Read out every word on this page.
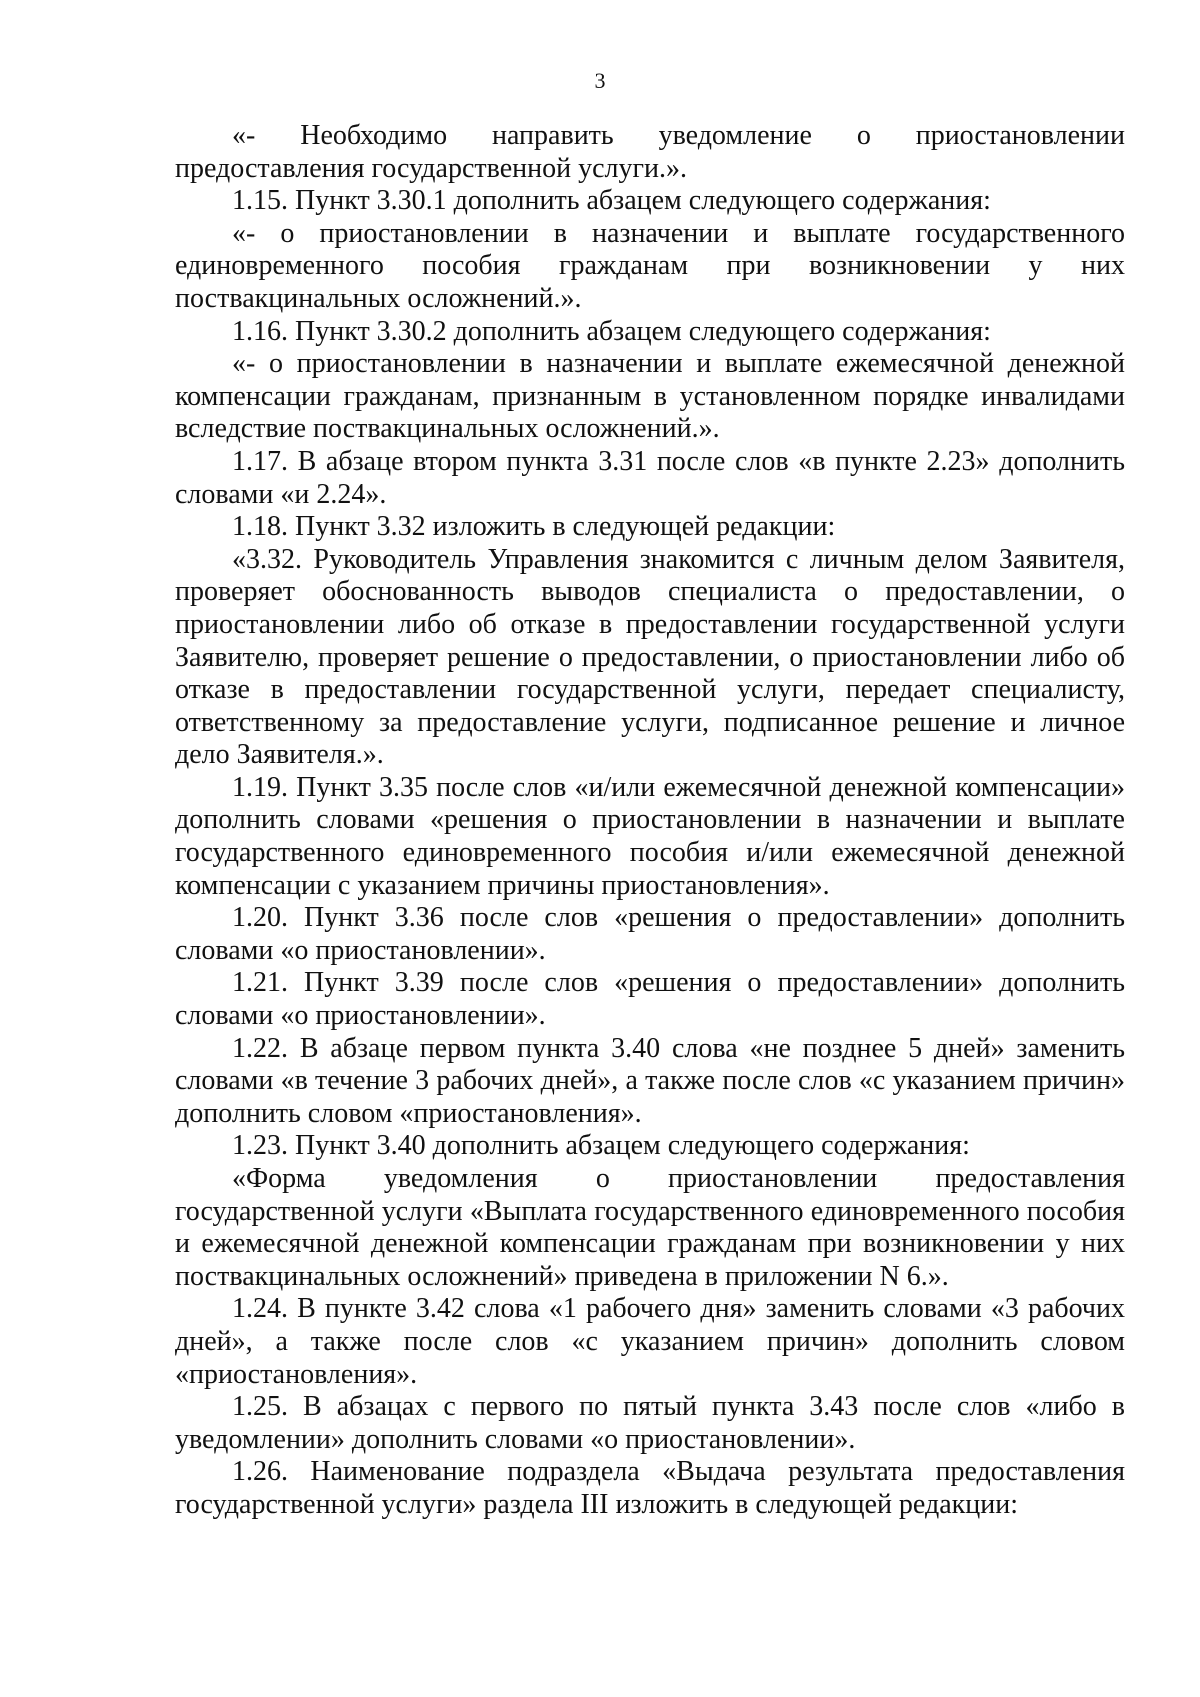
3

«- Необходимо направить уведомление о приостановлении предоставления государственной услуги.».

1.15. Пункт 3.30.1 дополнить абзацем следующего содержания:

«- о приостановлении в назначении и выплате государственного единовременного пособия гражданам при возникновении у них поствакцинальных осложнений.».

1.16. Пункт 3.30.2 дополнить абзацем следующего содержания:

«- о приостановлении в назначении и выплате ежемесячной денежной компенсации гражданам, признанным в установленном порядке инвалидами вследствие поствакцинальных осложнений.».

1.17. В абзаце втором пункта 3.31 после слов «в пункте 2.23» дополнить словами «и 2.24».

1.18. Пункт 3.32 изложить в следующей редакции:

«3.32. Руководитель Управления знакомится с личным делом Заявителя, проверяет обоснованность выводов специалиста о предоставлении, о приостановлении либо об отказе в предоставлении государственной услуги Заявителю, проверяет решение о предоставлении, о приостановлении либо об отказе в предоставлении государственной услуги, передает специалисту, ответственному за предоставление услуги, подписанное решение и личное дело Заявителя.».

1.19. Пункт 3.35 после слов «и/или ежемесячной денежной компенсации» дополнить словами «решения о приостановлении в назначении и выплате государственного единовременного пособия и/или ежемесячной денежной компенсации с указанием причины приостановления».

1.20. Пункт 3.36 после слов «решения о предоставлении» дополнить словами «о приостановлении».

1.21. Пункт 3.39 после слов «решения о предоставлении» дополнить словами «о приостановлении».

1.22. В абзаце первом пункта 3.40 слова «не позднее 5 дней» заменить словами «в течение 3 рабочих дней», а также после слов «с указанием причин» дополнить словом «приостановления».

1.23. Пункт 3.40 дополнить абзацем следующего содержания:

«Форма уведомления о приостановлении предоставления государственной услуги «Выплата государственного единовременного пособия и ежемесячной денежной компенсации гражданам при возникновении у них поствакцинальных осложнений» приведена в приложении N 6.».

1.24. В пункте 3.42 слова «1 рабочего дня» заменить словами «3 рабочих дней», а также после слов «с указанием причин» дополнить словом «приостановления».

1.25. В абзацах с первого по пятый пункта 3.43 после слов «либо в уведомлении» дополнить словами «о приостановлении».

1.26. Наименование подраздела «Выдача результата предоставления государственной услуги» раздела III изложить в следующей редакции:
